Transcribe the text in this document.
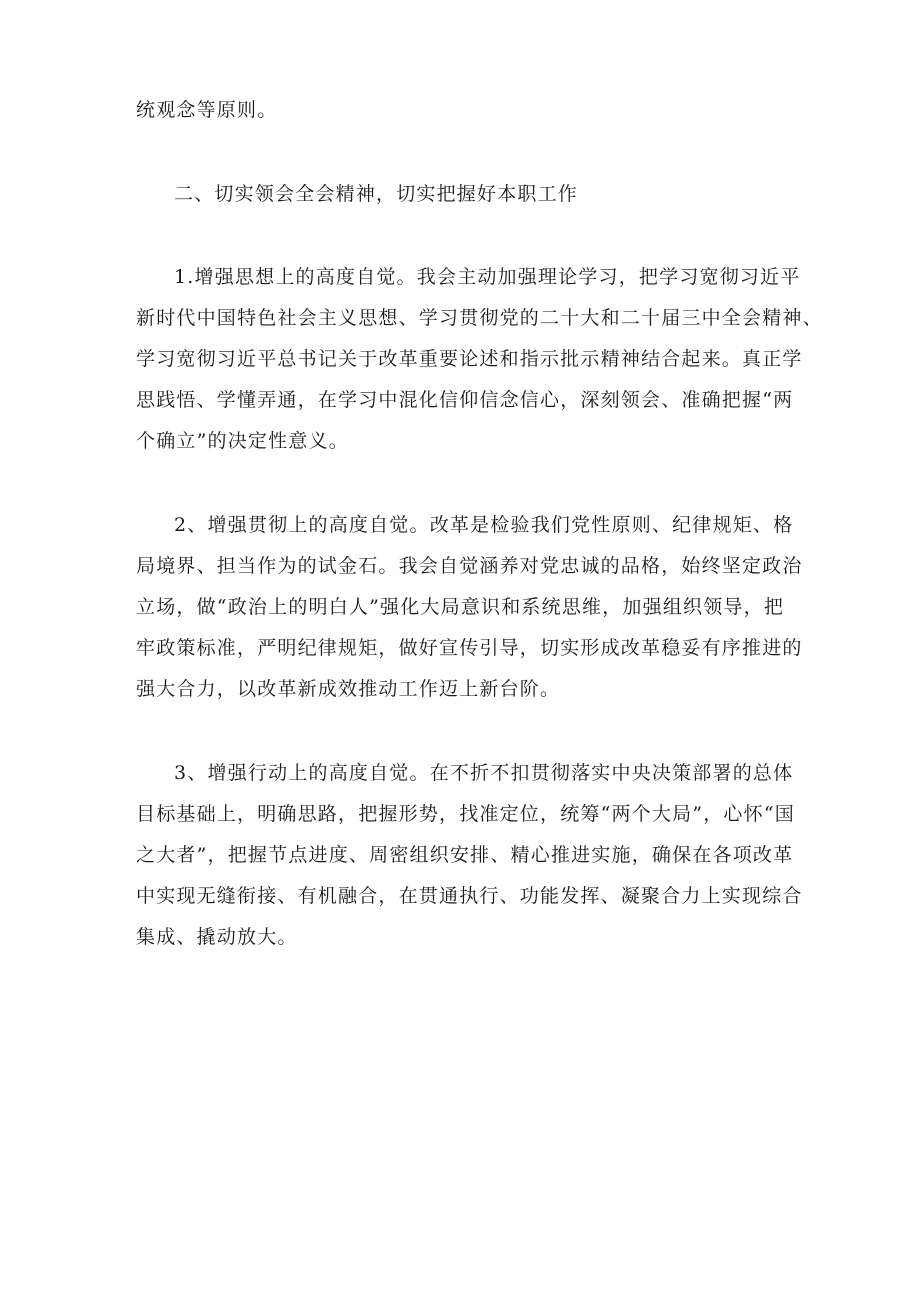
统观念等原则。
二、切实领会全会精神，切实把握好本职工作
1.增强思想上的高度自觉。我会主动加强理论学习，把学习宽彻习近平
新时代中国特色社会主义思想、学习贯彻党的二十大和二十届三中全会精神、
学习宽彻习近平总书记关于改革重要论述和指示批示精神结合起来。真正学
思践悟、学懂弄通，在学习中混化信仰信念信心，深刻领会、准确把握“两
个确立”的决定性意义。
2、增强贯彻上的高度自觉。改革是检验我们党性原则、纪律规矩、格
局境界、担当作为的试金石。我会自觉涵养对党忠诚的品格，始终坚定政治
立场，做“政治上的明白人”强化大局意识和系统思维，加强组织领导，把
牢政策标准，严明纪律规矩，做好宣传引导，切实形成改革稳妥有序推进的
强大合力，以改革新成效推动工作迈上新台阶。
3、增强行动上的高度自觉。在不折不扣贯彻落实中央决策部署的总体
目标基础上，明确思路，把握形势，找准定位，统筹“两个大局”，心怀“国
之大者”，把握节点进度、周密组织安排、精心推进实施，确保在各项改革
中实现无缝衔接、有机融合，在贯通执行、功能发挥、凝聚合力上实现综合
集成、撬动放大。
